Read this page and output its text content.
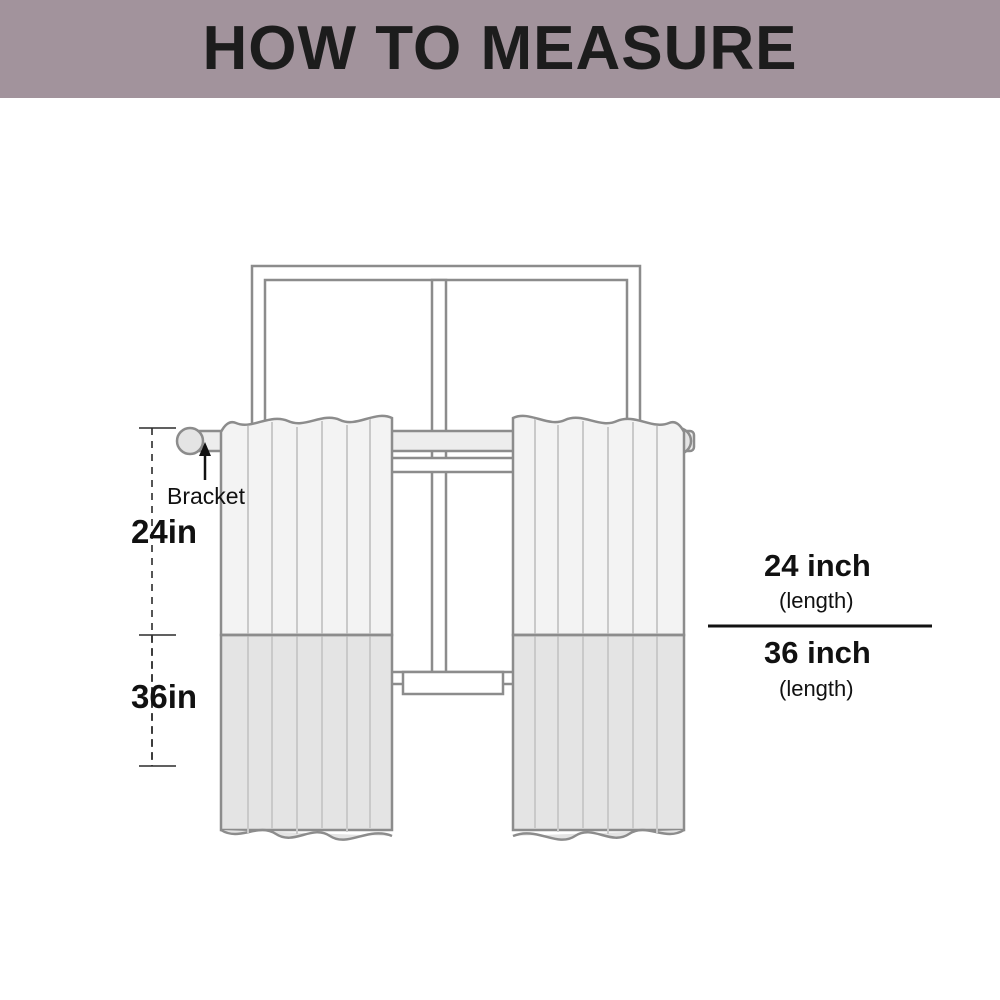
HOW TO MEASURE
Bracket
24in
36in
24 inch
(length)
36 inch
(length)
